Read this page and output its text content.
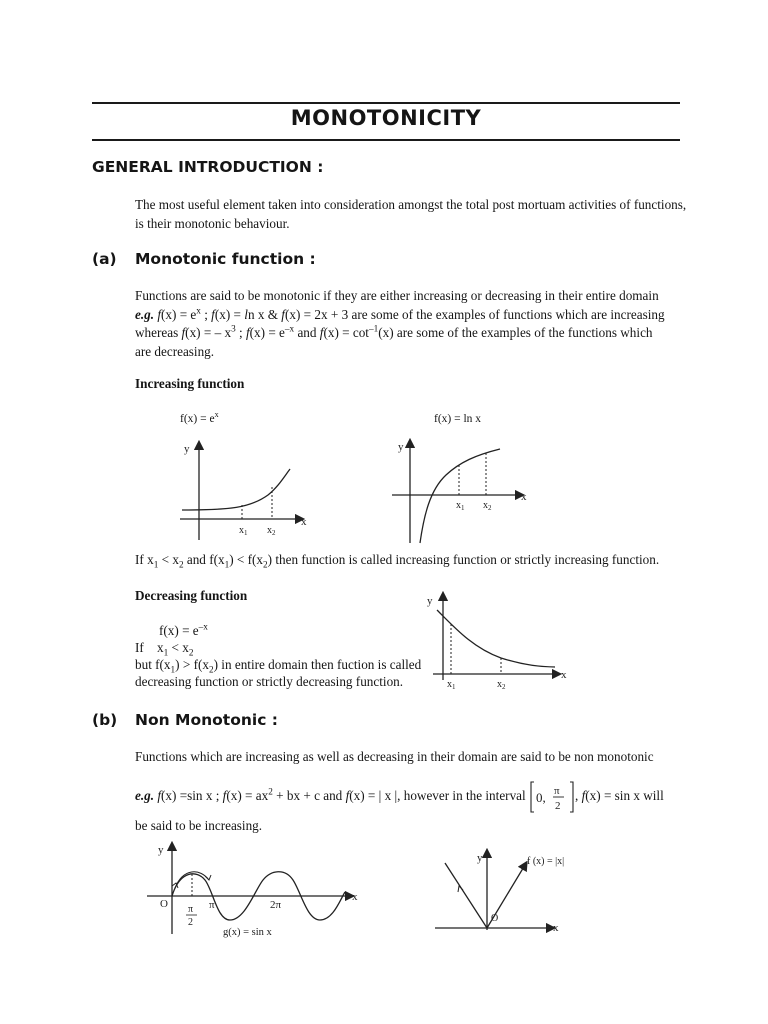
MONOTONICITY
GENERAL INTRODUCTION :
The most useful element taken into consideration amongst the total post mortuam activities of functions,
is their monotonic behaviour.
(a) Monotonic function :
Functions are said to be monotonic if they are either increasing or decreasing in their entire domain
e.g. $f(x) = e^x$ ; f(x) = ln x & f(x) = 2x + 3 are some of the examples of functions which are increasing
whereas f(x) = – $x^3$ ; $f(x) = e^{-x}$ and $f(x) = \cot^{-1}(x)$ are some of the examples of the functions which
are decreasing.
Increasing function
$f(x) = e^x$	f(x) = ln x
y
x
$x_1$ $x_2$
y
x
$x_1$ $x_2$
If $x_1 < x_2$ and $f(x_1) < f(x_2)$ then function is called increasing function or strictly increasing function.
Decreasing function
$f(x) = e^{-x}$
If    $x_1 < x_2$
but $f(x_1) > f(x_2)$ in entire domain then fuction is called
decreasing function or strictly decreasing function.
y
x
$x_1$	$x_2$
(b) Non Monotonic :
Functions which are increasing as well as decreasing in their domain are said to be non monotonic
e.g. f(x) =sin x ; $f(x) = ax^2$ + bx + c and f(x) = | x |, however in the interval 0, π
2
, f(x) = sin x will
be said to be increasing.
y
x
O π
2
π	2π
g(x) = sin x
y
x
O
f (x) = |x|
